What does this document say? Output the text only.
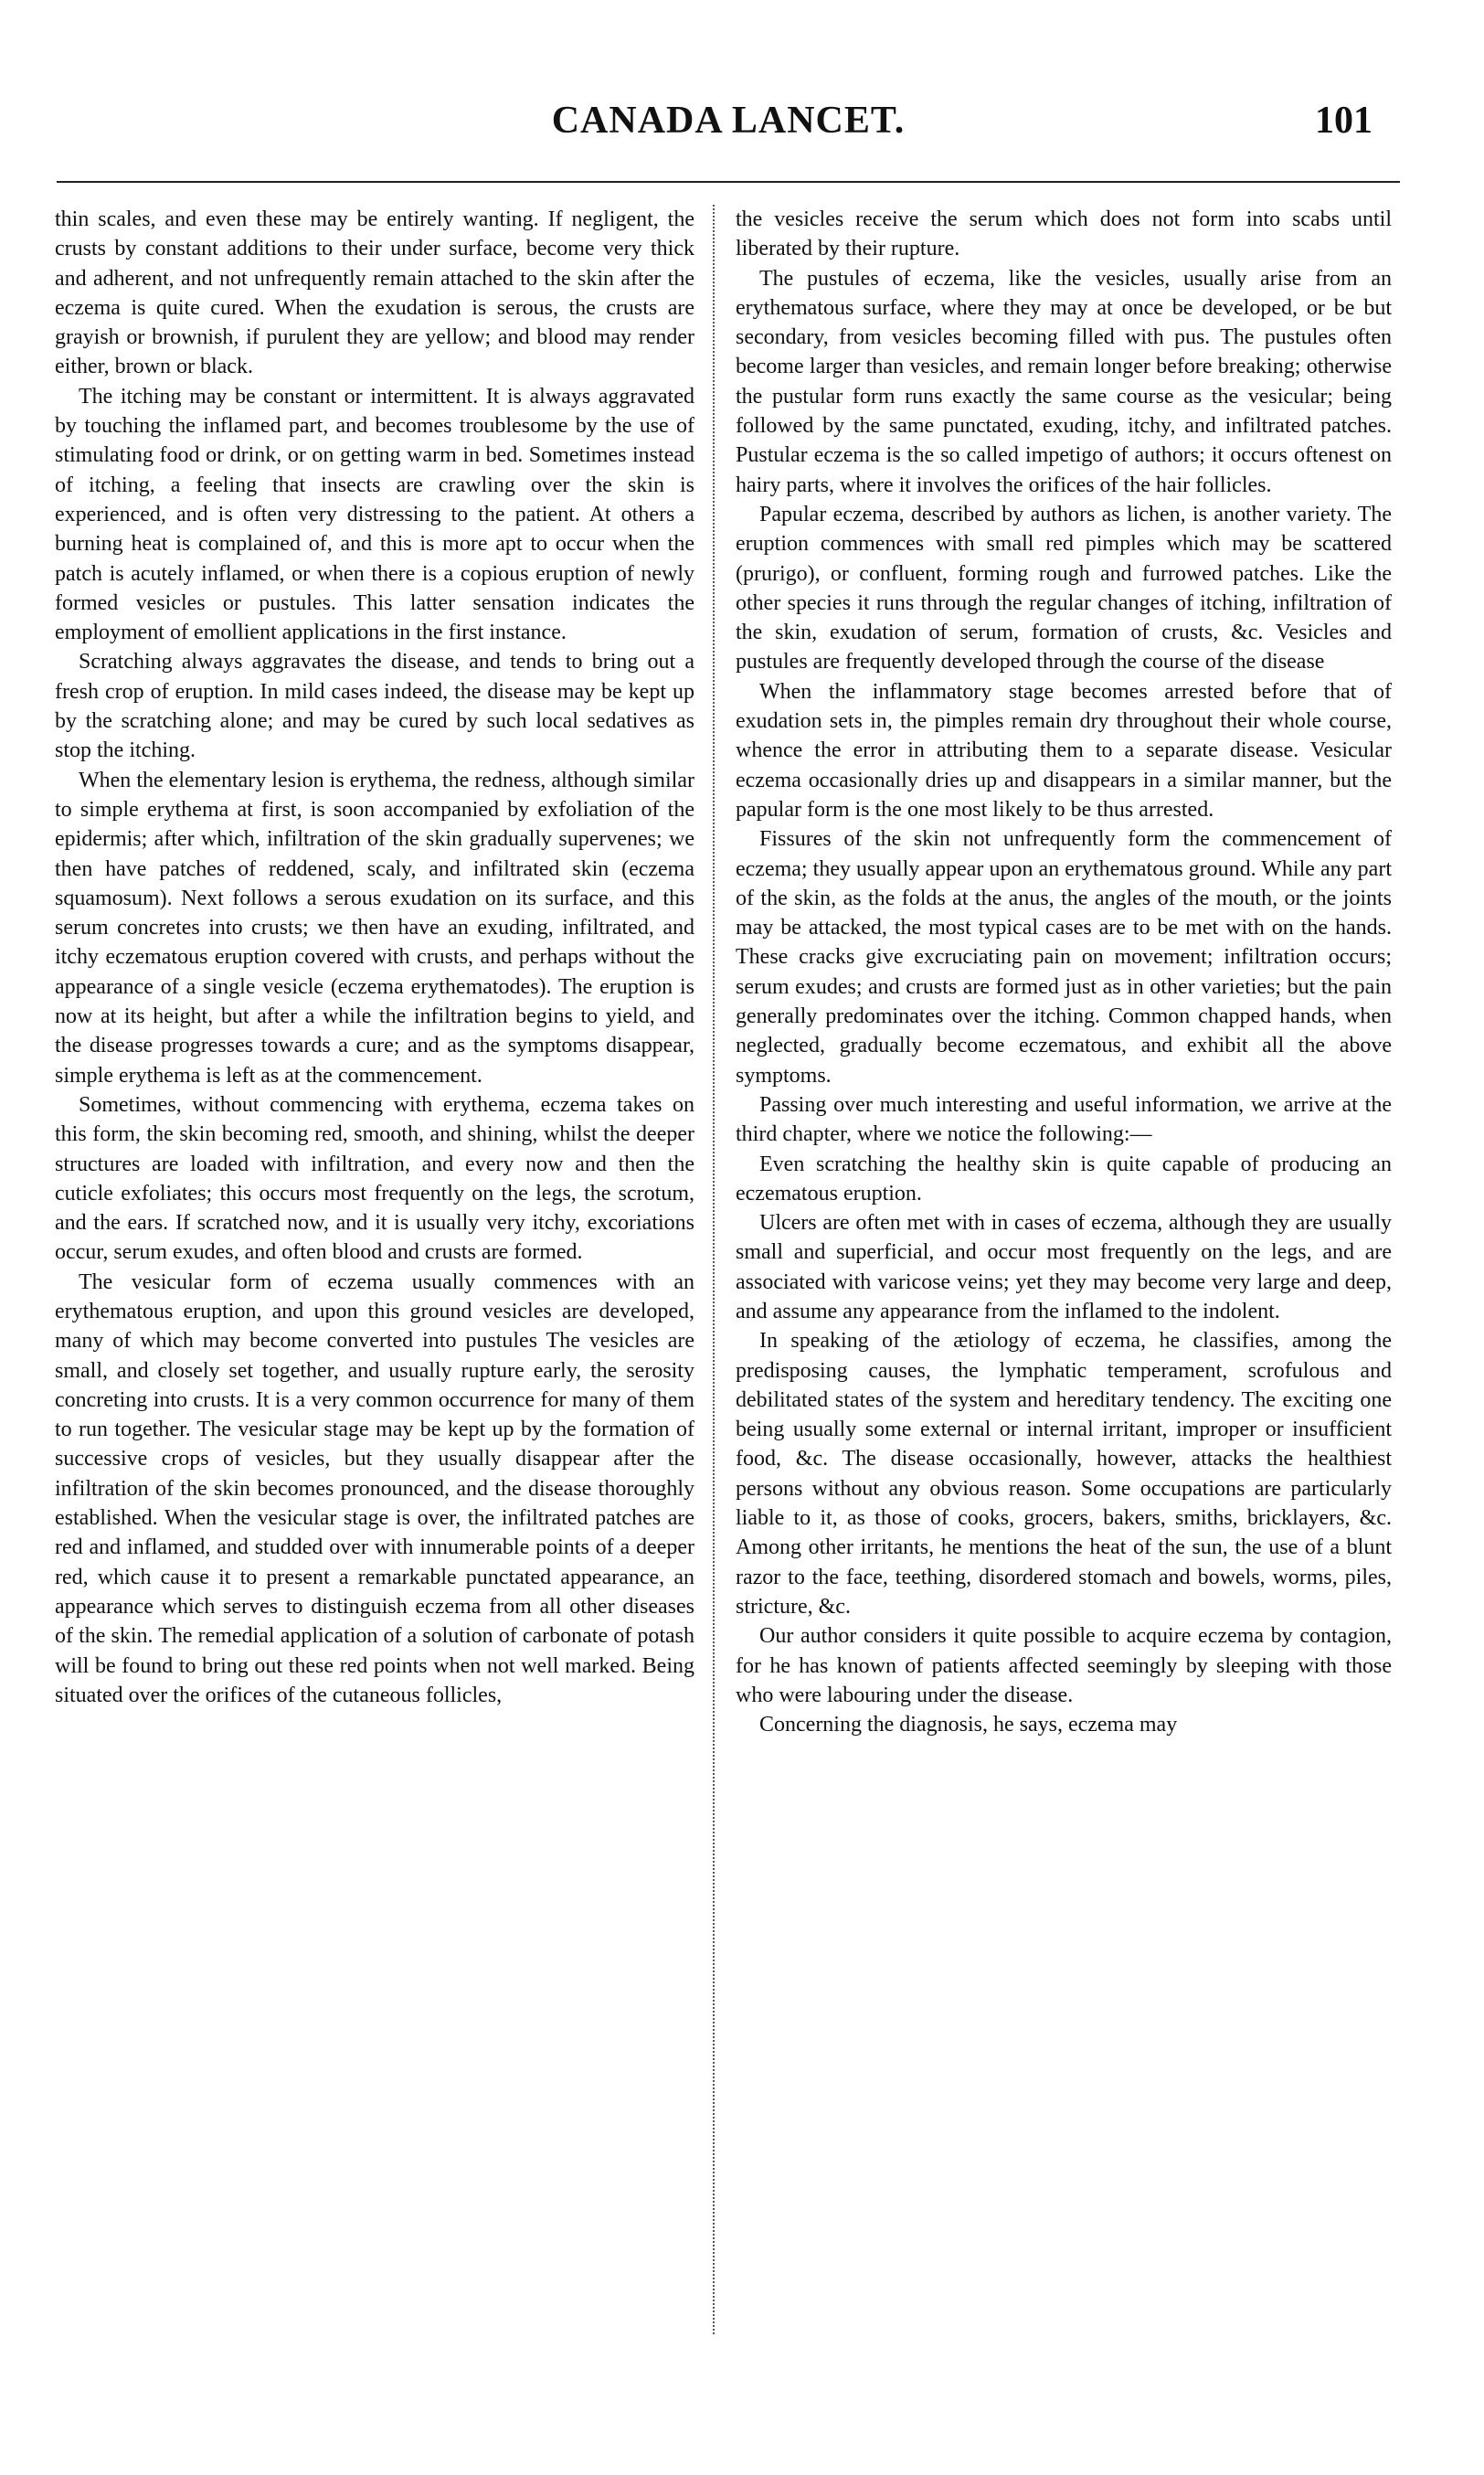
CANADA LANCET.	101

thin scales, and even these may be entirely wanting. If negligent, the crusts by constant additions to their under surface, become very thick and adherent, and not unfrequently remain attached to the skin after the eczema is quite cured. When the exudation is serous, the crusts are grayish or brownish, if purulent they are yellow; and blood may render either, brown or black.

The itching may be constant or intermittent. It is always aggravated by touching the inflamed part, and becomes troublesome by the use of stimulating food or drink, or on getting warm in bed. Sometimes instead of itching, a feeling that insects are crawling over the skin is experienced, and is often very distressing to the patient. At others a burning heat is complained of, and this is more apt to occur when the patch is acutely inflamed, or when there is a copious eruption of newly formed vesicles or pustules. This latter sensation indicates the employment of emollient applications in the first instance.

Scratching always aggravates the disease, and tends to bring out a fresh crop of eruption. In mild cases indeed, the disease may be kept up by the scratching alone; and may be cured by such local sedatives as stop the itching.

When the elementary lesion is erythema, the redness, although similar to simple erythema at first, is soon accompanied by exfoliation of the epidermis; after which, infiltration of the skin gradually supervenes; we then have patches of reddened, scaly, and infiltrated skin (eczema squamosum). Next follows a serous exudation on its surface, and this serum concretes into crusts; we then have an exuding, infiltrated, and itchy eczematous eruption covered with crusts, and perhaps without the appearance of a single vesicle (eczema erythematodes). The eruption is now at its height, but after a while the infiltration begins to yield, and the disease progresses towards a cure; and as the symptoms disappear, simple erythema is left as at the commencement.

Sometimes, without commencing with erythema, eczema takes on this form, the skin becoming red, smooth, and shining, whilst the deeper structures are loaded with infiltration, and every now and then the cuticle exfoliates; this occurs most frequently on the legs, the scrotum, and the ears. If scratched now, and it is usually very itchy, excoriations occur, serum exudes, and often blood and crusts are formed.

The vesicular form of eczema usually commences with an erythematous eruption, and upon this ground vesicles are developed, many of which may become converted into pustules The vesicles are small, and closely set together, and usually rupture early, the serosity concreting into crusts. It is a very common occurrence for many of them to run together. The vesicular stage may be kept up by the formation of successive crops of vesicles, but they usually disappear after the infiltration of the skin becomes pronounced, and the disease thoroughly established. When the vesicular stage is over, the infiltrated patches are red and inflamed, and studded over with innumerable points of a deeper red, which cause it to present a remarkable punctated appearance, an appearance which serves to distinguish eczema from all other diseases of the skin. The remedial application of a solution of carbonate of potash will be found to bring out these red points when not well marked. Being situated over the orifices of the cutaneous follicles,

the vesicles receive the serum which does not form into scabs until liberated by their rupture.

The pustules of eczema, like the vesicles, usually arise from an erythematous surface, where they may at once be developed, or be but secondary, from vesicles becoming filled with pus. The pustules often become larger than vesicles, and remain longer before breaking; otherwise the pustular form runs exactly the same course as the vesicular; being followed by the same punctated, exuding, itchy, and infiltrated patches. Pustular eczema is the so called impetigo of authors; it occurs oftenest on hairy parts, where it involves the orifices of the hair follicles.

Papular eczema, described by authors as lichen, is another variety. The eruption commences with small red pimples which may be scattered (prurigo), or confluent, forming rough and furrowed patches. Like the other species it runs through the regular changes of itching, infiltration of the skin, exudation of serum, formation of crusts, &c. Vesicles and pustules are frequently developed through the course of the disease

When the inflammatory stage becomes arrested before that of exudation sets in, the pimples remain dry throughout their whole course, whence the error in attributing them to a separate disease. Vesicular eczema occasionally dries up and disappears in a similar manner, but the papular form is the one most likely to be thus arrested.

Fissures of the skin not unfrequently form the commencement of eczema; they usually appear upon an erythematous ground. While any part of the skin, as the folds at the anus, the angles of the mouth, or the joints may be attacked, the most typical cases are to be met with on the hands. These cracks give excruciating pain on movement; infiltration occurs; serum exudes; and crusts are formed just as in other varieties; but the pain generally predominates over the itching. Common chapped hands, when neglected, gradually become eczematous, and exhibit all the above symptoms.

Passing over much interesting and useful information, we arrive at the third chapter, where we notice the following:—

Even scratching the healthy skin is quite capable of producing an eczematous eruption.

Ulcers are often met with in cases of eczema, although they are usually small and superficial, and occur most frequently on the legs, and are associated with varicose veins; yet they may become very large and deep, and assume any appearance from the inflamed to the indolent.

In speaking of the ætiology of eczema, he classifies, among the predisposing causes, the lymphatic temperament, scrofulous and debilitated states of the system and hereditary tendency. The exciting one being usually some external or internal irritant, improper or insufficient food, &c. The disease occasionally, however, attacks the healthiest persons without any obvious reason. Some occupations are particularly liable to it, as those of cooks, grocers, bakers, smiths, bricklayers, &c. Among other irritants, he mentions the heat of the sun, the use of a blunt razor to the face, teething, disordered stomach and bowels, worms, piles, stricture, &c.

Our author considers it quite possible to acquire eczema by contagion, for he has known of patients affected seemingly by sleeping with those who were labouring under the disease.

Concerning the diagnosis, he says, eczema may
